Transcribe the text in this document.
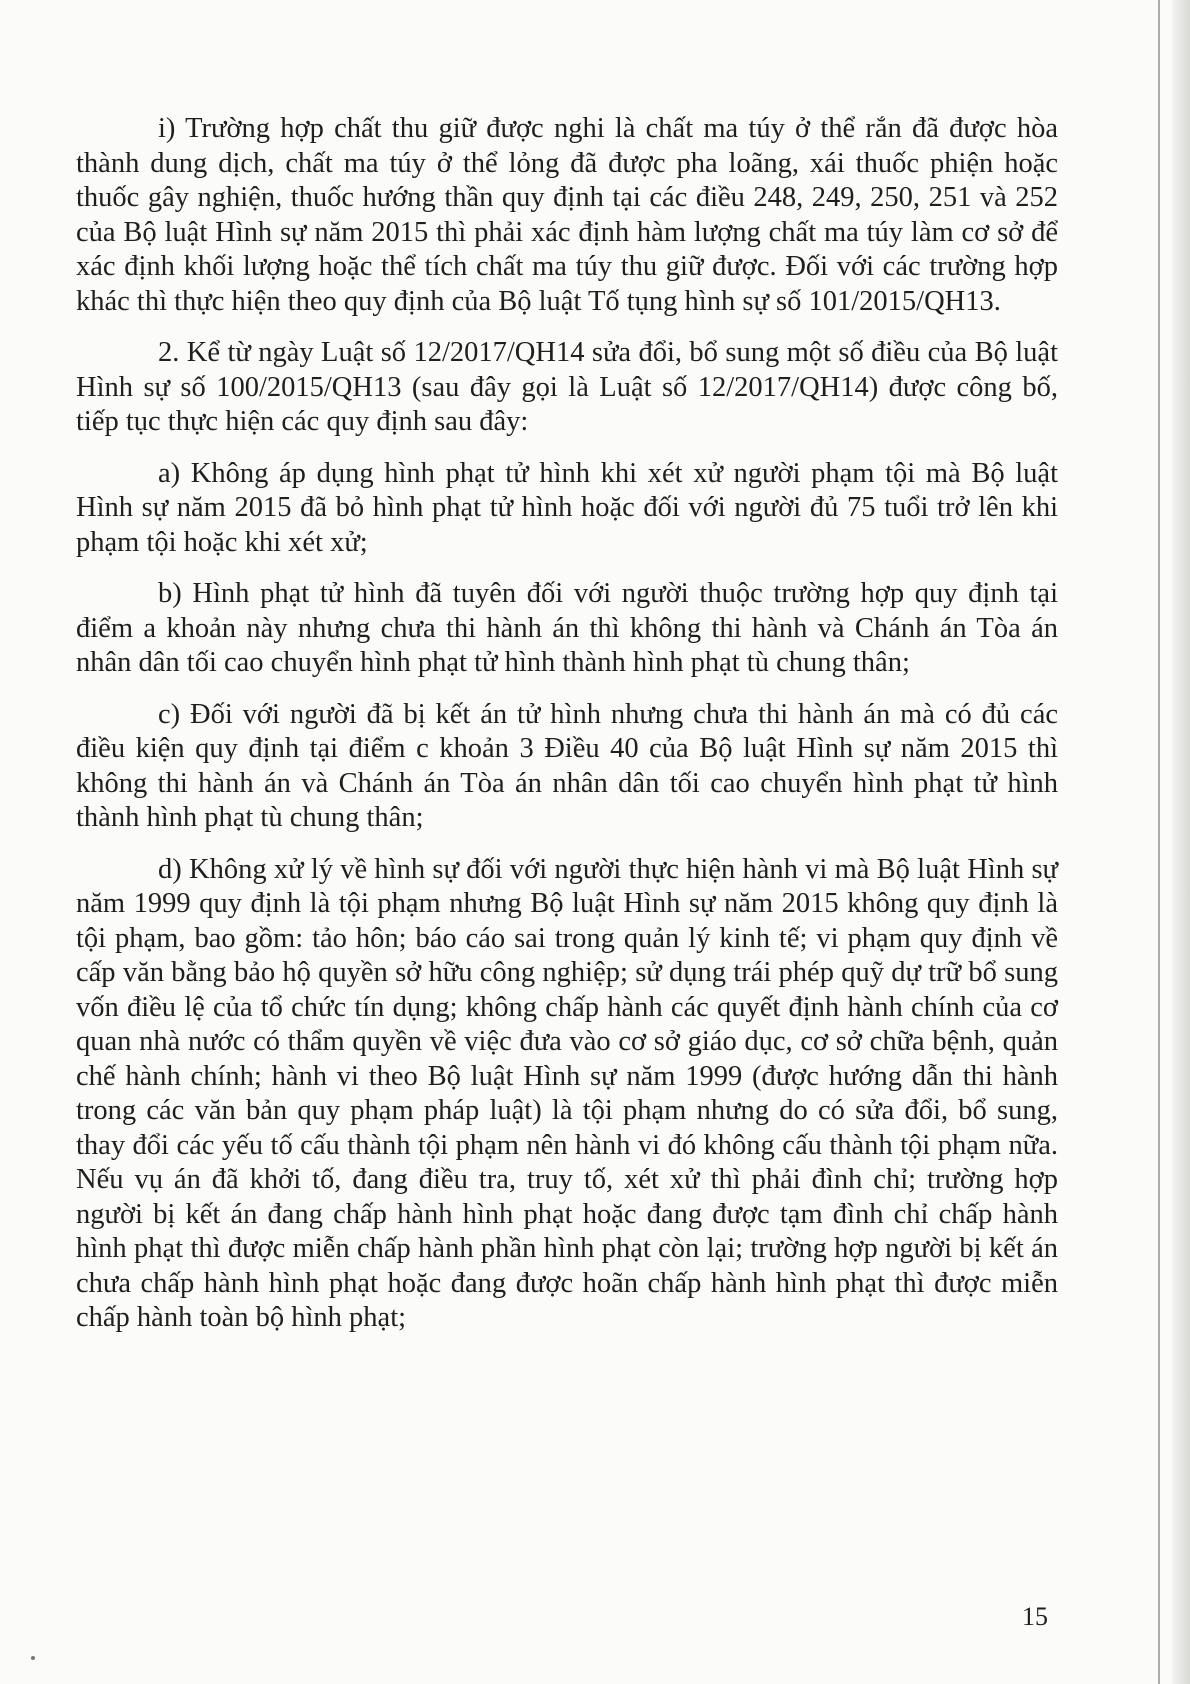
i) Trường hợp chất thu giữ được nghi là chất ma túy ở thể rắn đã được hòa thành dung dịch, chất ma túy ở thể lỏng đã được pha loãng, xái thuốc phiện hoặc thuốc gây nghiện, thuốc hướng thần quy định tại các điều 248, 249, 250, 251 và 252 của Bộ luật Hình sự năm 2015 thì phải xác định hàm lượng chất ma túy làm cơ sở để xác định khối lượng hoặc thể tích chất ma túy thu giữ được. Đối với các trường hợp khác thì thực hiện theo quy định của Bộ luật Tố tụng hình sự số 101/2015/QH13.

2. Kể từ ngày Luật số 12/2017/QH14 sửa đổi, bổ sung một số điều của Bộ luật Hình sự số 100/2015/QH13 (sau đây gọi là Luật số 12/2017/QH14) được công bố, tiếp tục thực hiện các quy định sau đây:

a) Không áp dụng hình phạt tử hình khi xét xử người phạm tội mà Bộ luật Hình sự năm 2015 đã bỏ hình phạt tử hình hoặc đối với người đủ 75 tuổi trở lên khi phạm tội hoặc khi xét xử;

b) Hình phạt tử hình đã tuyên đối với người thuộc trường hợp quy định tại điểm a khoản này nhưng chưa thi hành án thì không thi hành và Chánh án Tòa án nhân dân tối cao chuyển hình phạt tử hình thành hình phạt tù chung thân;

c) Đối với người đã bị kết án tử hình nhưng chưa thi hành án mà có đủ các điều kiện quy định tại điểm c khoản 3 Điều 40 của Bộ luật Hình sự năm 2015 thì không thi hành án và Chánh án Tòa án nhân dân tối cao chuyển hình phạt tử hình thành hình phạt tù chung thân;

d) Không xử lý về hình sự đối với người thực hiện hành vi mà Bộ luật Hình sự năm 1999 quy định là tội phạm nhưng Bộ luật Hình sự năm 2015 không quy định là tội phạm, bao gồm: tảo hôn; báo cáo sai trong quản lý kinh tế; vi phạm quy định về cấp văn bằng bảo hộ quyền sở hữu công nghiệp; sử dụng trái phép quỹ dự trữ bổ sung vốn điều lệ của tổ chức tín dụng; không chấp hành các quyết định hành chính của cơ quan nhà nước có thẩm quyền về việc đưa vào cơ sở giáo dục, cơ sở chữa bệnh, quản chế hành chính; hành vi theo Bộ luật Hình sự năm 1999 (được hướng dẫn thi hành trong các văn bản quy phạm pháp luật) là tội phạm nhưng do có sửa đổi, bổ sung, thay đổi các yếu tố cấu thành tội phạm nên hành vi đó không cấu thành tội phạm nữa. Nếu vụ án đã khởi tố, đang điều tra, truy tố, xét xử thì phải đình chỉ; trường hợp người bị kết án đang chấp hành hình phạt hoặc đang được tạm đình chỉ chấp hành hình phạt thì được miễn chấp hành phần hình phạt còn lại; trường hợp người bị kết án chưa chấp hành hình phạt hoặc đang được hoãn chấp hành hình phạt thì được miễn chấp hành toàn bộ hình phạt;

15
